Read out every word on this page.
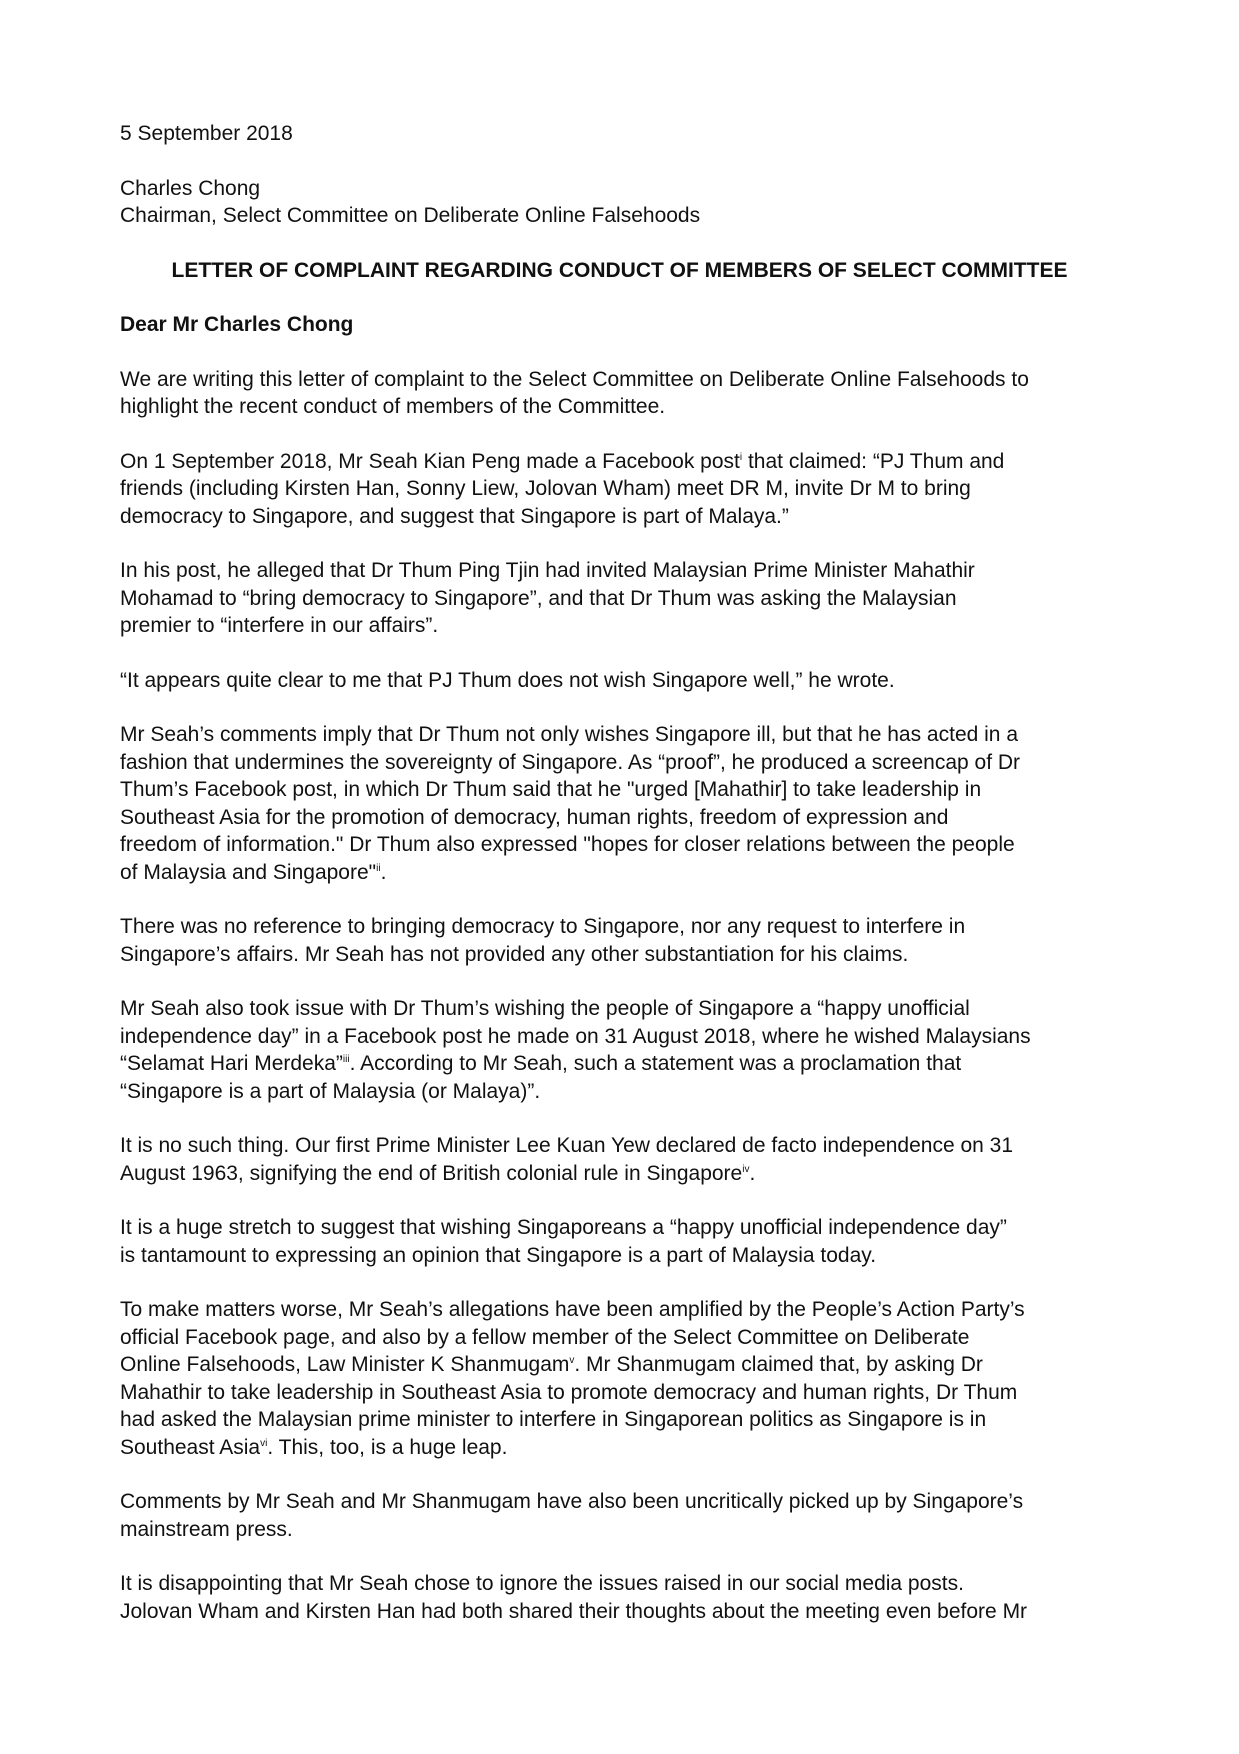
5 September 2018

Charles Chong

Chairman, Select Committee on Deliberate Online Falsehoods

LETTER OF COMPLAINT REGARDING CONDUCT OF MEMBERS OF SELECT COMMITTEE

Dear Mr Charles Chong

We are writing this letter of complaint to the Select Committee on Deliberate Online Falsehoods to

highlight the recent conduct of members of the Committee.

On 1 September 2018, Mr Seah Kian Peng made a Facebook post$^i$ that claimed: “PJ Thum and

friends (including Kirsten Han, Sonny Liew, Jolovan Wham) meet DR M, invite Dr M to bring

democracy to Singapore, and suggest that Singapore is part of Malaya.”

In his post, he alleged that Dr Thum Ping Tjin had invited Malaysian Prime Minister Mahathir

Mohamad to “bring democracy to Singapore”, and that Dr Thum was asking the Malaysian

premier to “interfere in our affairs”.

“It appears quite clear to me that PJ Thum does not wish Singapore well,” he wrote.

Mr Seah’s comments imply that Dr Thum not only wishes Singapore ill, but that he has acted in a

fashion that undermines the sovereignty of Singapore. As “proof”, he produced a screencap of Dr

Thum’s Facebook post, in which Dr Thum said that he "urged [Mahathir] to take leadership in

Southeast Asia for the promotion of democracy, human rights, freedom of expression and

freedom of information." Dr Thum also expressed "hopes for closer relations between the people

of Malaysia and Singapore"$^{ii}$.

There was no reference to bringing democracy to Singapore, nor any request to interfere in

Singapore’s affairs. Mr Seah has not provided any other substantiation for his claims.

Mr Seah also took issue with Dr Thum’s wishing the people of Singapore a “happy unofficial

independence day” in a Facebook post he made on 31 August 2018, where he wished Malaysians

“Selamat Hari Merdeka”$^{iii}$. According to Mr Seah, such a statement was a proclamation that

“Singapore is a part of Malaysia (or Malaya)”.

It is no such thing. Our first Prime Minister Lee Kuan Yew declared de facto independence on 31

August 1963, signifying the end of British colonial rule in Singapore$^{iv}$.

It is a huge stretch to suggest that wishing Singaporeans a “happy unofficial independence day”

is tantamount to expressing an opinion that Singapore is a part of Malaysia today.

To make matters worse, Mr Seah’s allegations have been amplified by the People’s Action Party’s

official Facebook page, and also by a fellow member of the Select Committee on Deliberate

Online Falsehoods, Law Minister K Shanmugam$^v$. Mr Shanmugam claimed that, by asking Dr

Mahathir to take leadership in Southeast Asia to promote democracy and human rights, Dr Thum

had asked the Malaysian prime minister to interfere in Singaporean politics as Singapore is in

Southeast Asia$^{vi}$. This, too, is a huge leap.

Comments by Mr Seah and Mr Shanmugam have also been uncritically picked up by Singapore’s

mainstream press.

It is disappointing that Mr Seah chose to ignore the issues raised in our social media posts.

Jolovan Wham and Kirsten Han had both shared their thoughts about the meeting even before Mr
